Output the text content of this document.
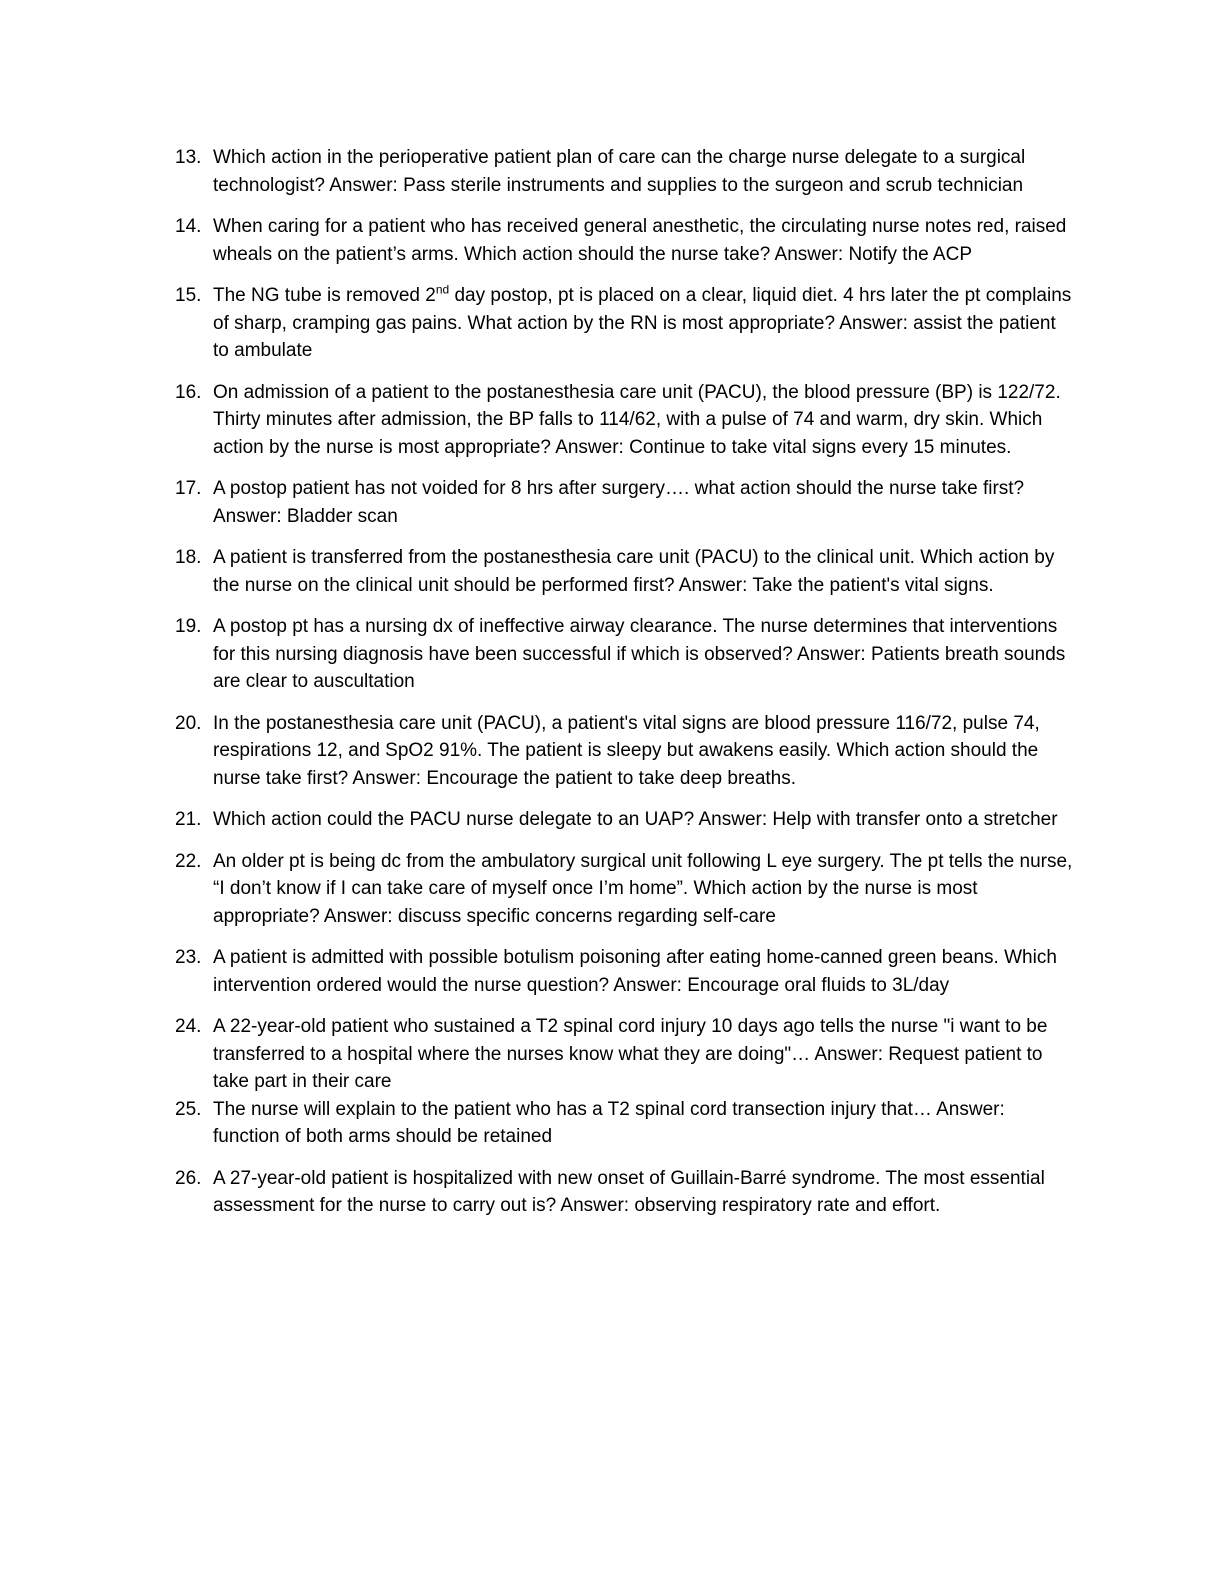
13. Which action in the perioperative patient plan of care can the charge nurse delegate to a surgical technologist? Answer: Pass sterile instruments and supplies to the surgeon and scrub technician
14. When caring for a patient who has received general anesthetic, the circulating nurse notes red, raised wheals on the patient’s arms. Which action should the nurse take? Answer: Notify the ACP
15. The NG tube is removed 2nd day postop, pt is placed on a clear, liquid diet. 4 hrs later the pt complains of sharp, cramping gas pains. What action by the RN is most appropriate? Answer: assist the patient to ambulate
16. On admission of a patient to the postanesthesia care unit (PACU), the blood pressure (BP) is 122/72. Thirty minutes after admission, the BP falls to 114/62, with a pulse of 74 and warm, dry skin. Which action by the nurse is most appropriate? Answer: Continue to take vital signs every 15 minutes.
17. A postop patient has not voided for 8 hrs after surgery…. what action should the nurse take first? Answer: Bladder scan
18. A patient is transferred from the postanesthesia care unit (PACU) to the clinical unit. Which action by the nurse on the clinical unit should be performed first? Answer: Take the patient's vital signs.
19. A postop pt has a nursing dx of ineffective airway clearance. The nurse determines that interventions for this nursing diagnosis have been successful if which is observed? Answer: Patients breath sounds are clear to auscultation
20. In the postanesthesia care unit (PACU), a patient's vital signs are blood pressure 116/72, pulse 74, respirations 12, and SpO2 91%. The patient is sleepy but awakens easily. Which action should the nurse take first? Answer: Encourage the patient to take deep breaths.
21. Which action could the PACU nurse delegate to an UAP? Answer: Help with transfer onto a stretcher
22. An older pt is being dc from the ambulatory surgical unit following L eye surgery. The pt tells the nurse, “I don’t know if I can take care of myself once I’m home”. Which action by the nurse is most appropriate? Answer: discuss specific concerns regarding self-care
23. A patient is admitted with possible botulism poisoning after eating home-canned green beans. Which intervention ordered would the nurse question? Answer: Encourage oral fluids to 3L/day
24. A 22-year-old patient who sustained a T2 spinal cord injury 10 days ago tells the nurse "i want to be transferred to a hospital where the nurses know what they are doing"… Answer: Request patient to take part in their care
25. The nurse will explain to the patient who has a T2 spinal cord transection injury that… Answer: function of both arms should be retained
26. A 27-year-old patient is hospitalized with new onset of Guillain-Barré syndrome. The most essential assessment for the nurse to carry out is? Answer: observing respiratory rate and effort.
